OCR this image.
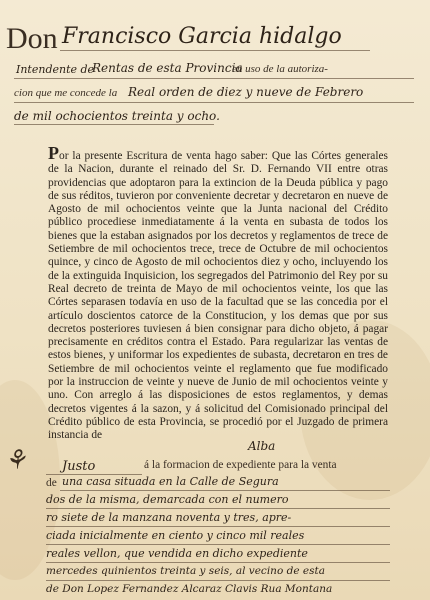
Don Francisco Garcia hidalgo
Intendente de
Rentas de esta Provincia
en uso de la autoriza-
cion que me concede la Real orden de diez y nueve de Febrero
de mil ochocientos treinta y ocho.
Por la presente Escritura de venta hago saber: Que las Córtes generales de la Nacion, durante el reinado del Sr. D. Fernando VII entre otras providencias que adoptaron para la extincion de la Deuda pública y pago de sus réditos, tuvieron por conveniente decretar y decretaron en nueve de Agosto de mil ochocientos veinte que la Junta nacional del Crédito público procediese inmediatamente á la venta en subasta de todos los bienes que la estaban asignados por los decretos y reglamentos de trece de Setiembre de mil ochocientos trece, trece de Octubre de mil ochocientos quince, y cinco de Agosto de mil ochocientos diez y ocho, incluyendo los de la extinguida Inquisicion, los segregados del Patrimonio del Rey por su Real decreto de treinta de Mayo de mil ochocientos veinte, los que las Córtes separasen todavía en uso de la facultad que se las concedia por el artículo doscientos catorce de la Constitucion, y los demas que por sus decretos posteriores tuviesen á bien consignar para dicho objeto, á pagar precisamente en créditos contra el Estado. Para regularizar las ventas de estos bienes, y uniformar los expedientes de subasta, decretaron en tres de Setiembre de mil ochocientos veinte el reglamento que fue modificado por la instruccion de veinte y nueve de Junio de mil ochocientos veinte y uno. Con arreglo á las disposiciones de estos reglamentos, y demas decretos vigentes á la sazon, y á solicitud del Comisionado principal del Crédito público de esta Provincia, se procedió por el Juzgado de primera instancia de
Alba
Justo	á la formacion de expediente para la venta
de una casa situada en la Calle de Segura
dos de la misma, demarcada con el numero
ro siete de la manzana noventa y tres, apre-
ciada inicialmente en ciento y cinco mil reales
reales vellon, que vendida en dicho expediente
mercedes quinientos treinta y seis, al vecino de esta
de Don Lopez Fernandez Alcaraz Clavis Rua Montana
⚘
